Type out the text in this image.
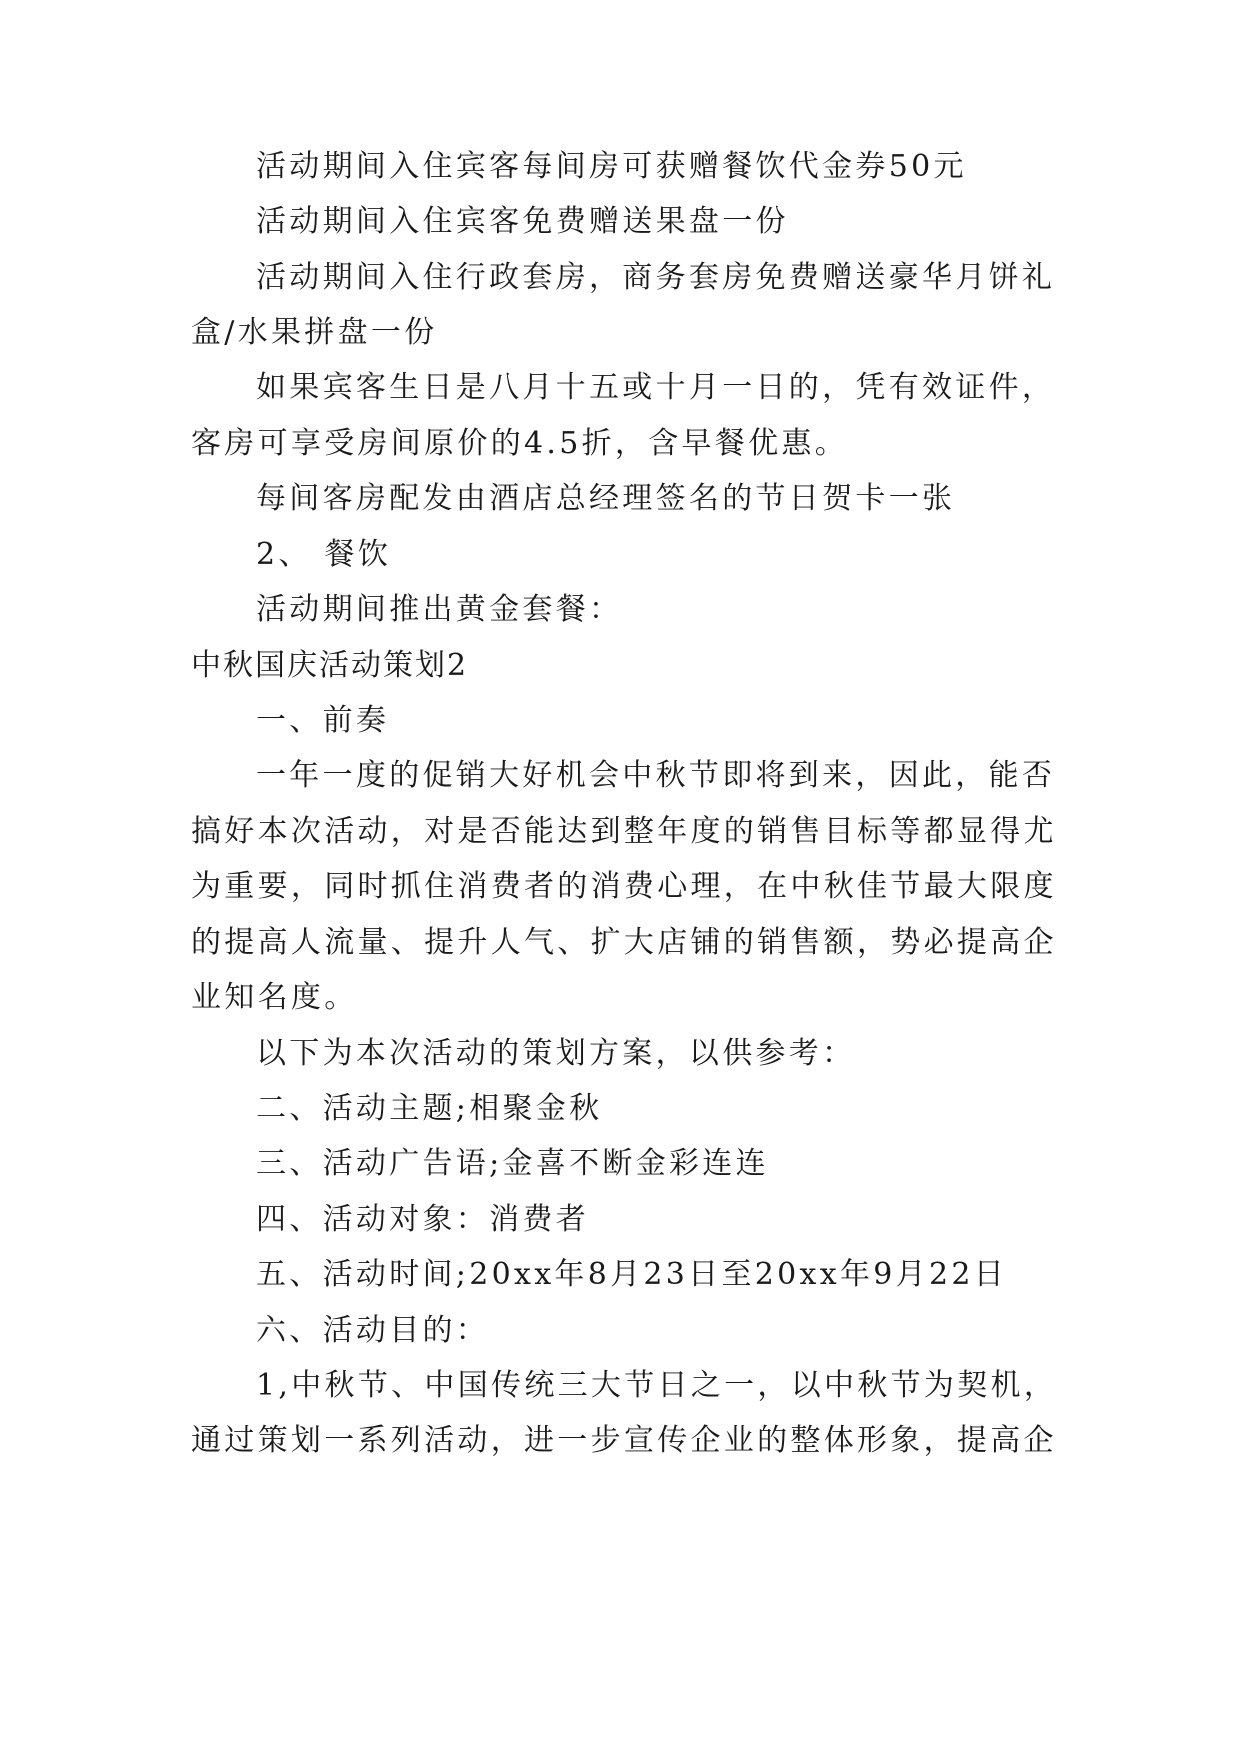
活动期间入住宾客每间房可获赠餐饮代金券50元
活动期间入住宾客免费赠送果盘一份
活动期间入住行政套房，商务套房免费赠送豪华月饼礼
盒/水果拼盘一份
如果宾客生日是八月十五或十月一日的，凭有效证件，
客房可享受房间原价的4.5折，含早餐优惠。
每间客房配发由酒店总经理签名的节日贺卡一张
2、 餐饮
活动期间推出黄金套餐：
中秋国庆活动策划2
一、前奏
一年一度的促销大好机会中秋节即将到来，因此，能否
搞好本次活动，对是否能达到整年度的销售目标等都显得尤
为重要，同时抓住消费者的消费心理，在中秋佳节最大限度
的提高人流量、提升人气、扩大店铺的销售额，势必提高企
业知名度。
以下为本次活动的策划方案，以供参考：
二、活动主题;相聚金秋
三、活动广告语;金喜不断金彩连连
四、活动对象：消费者
五、活动时间;20xx年8月23日至20xx年9月22日
六、活动目的：
1,中秋节、中国传统三大节日之一，以中秋节为契机，
通过策划一系列活动，进一步宣传企业的整体形象，提高企
